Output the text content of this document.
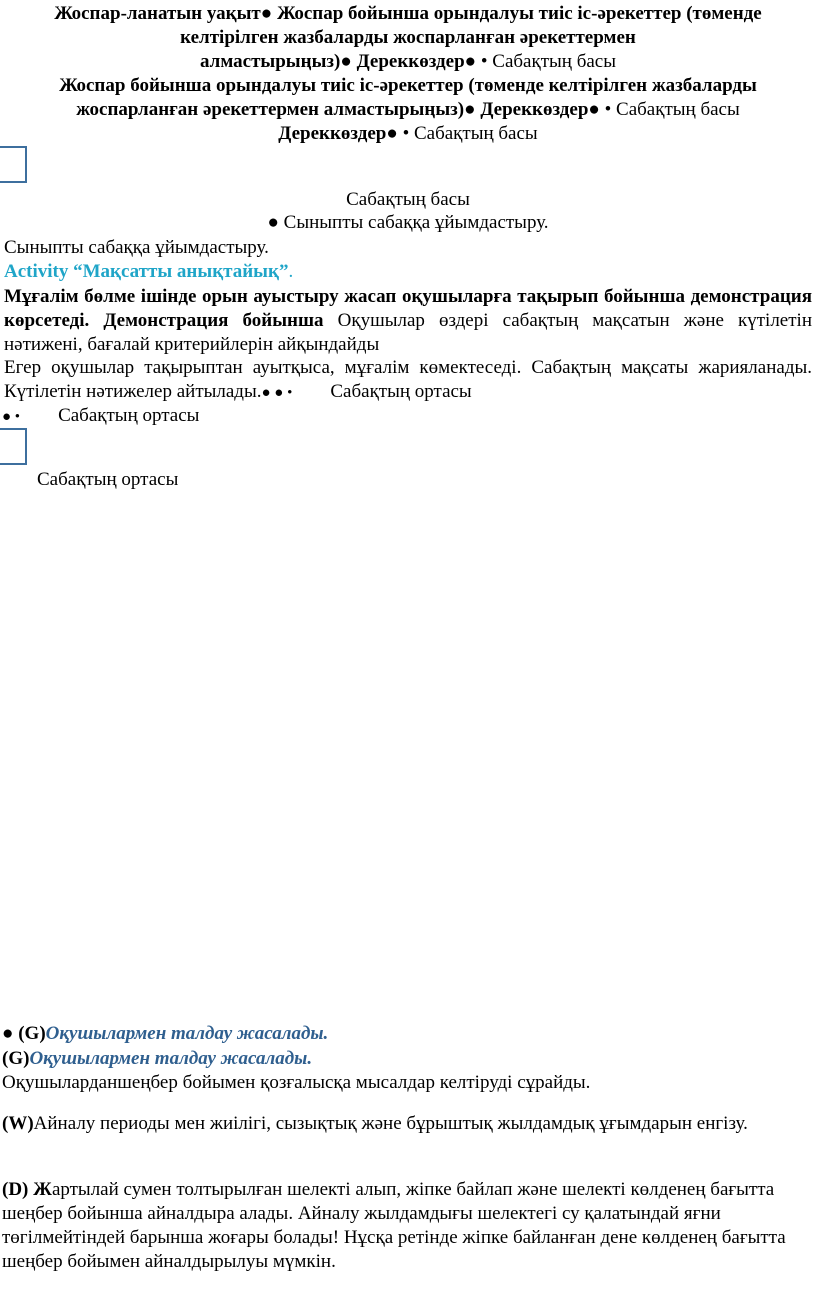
Жоспар-ланатын уақыт● Жоспар бойынша орындалуы тиіс іс-әрекеттер (төменде
келтірілген жазбаларды жоспарланған әрекеттермен
алмастырыңыз)● Дереккөздер● • Сабақтың басы
Жоспар бойынша орындалуы тиіс іс-әрекеттер (төменде келтірілген жазбаларды
жоспарланған әрекеттермен алмастырыңыз)● Дереккөздер● • Сабақтың басы
Дереккөздер● • Сабақтың басы
Сабақтың басы
● Сыныпты сабаққа ұйымдастыру.
Сыныпты сабаққа ұйымдастыру.
Activity “Мақсатты анықтайық”.
Мұғалім бөлме ішінде орын ауыстыру жасап оқушыларға тақырып бойынша демонстрация көрсетеді. Демонстрация бойынша Оқушылар өздері сабақтың мақсатын және күтілетін нәтижені, бағалай критерийлерін айқындайды
Егер оқушылар тақырыптан ауытқыса, мұғалім көмектеседі. Сабақтың мақсаты жарияланады. Күтілетін нәтижелер айтылады.● ● • Сабақтың ортасы
● • Сабақтың ортасы
Сабақтың ортасы
● (G)Оқушылармен талдау жасалады.
(G)Оқушылармен талдау жасалады.
Оқушыларданшеңбер бойымен қозғалысқа мысалдар келтіруді сұрайды.
(W)Айналу периоды мен жиілігі, сызықтық және бұрыштық жылдамдық ұғымдарын енгізу.
(D) Жартылай сумен толтырылған шелекті алып, жіпке байлап және шелекті көлденең бағытта шеңбер бойынша айналдыра алады. Айналу жылдамдығы шелектегі су қалатындай яғни төгілмейтіндей барынша жоғары болады! Нұсқа ретінде жіпке байланған дене көлденең бағытта шеңбер бойымен айналдырылуы мүмкін.
